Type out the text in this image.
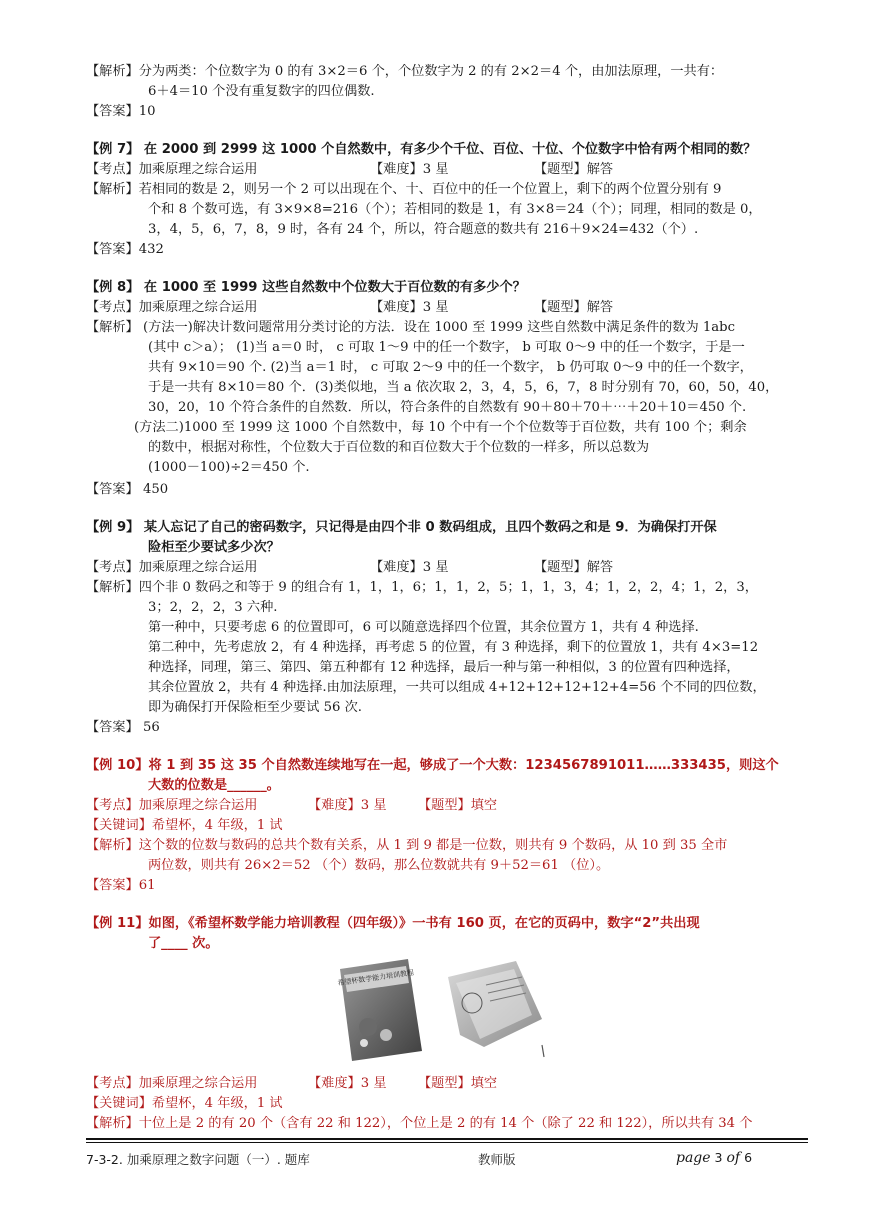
【解析】分为两类：个位数字为 0 的有 3×2＝6 个，个位数字为 2 的有 2×2＝4 个，由加法原理，一共有：
6＋4＝10 个没有重复数字的四位偶数.
【答案】10
【例 7】 在 2000 到 2999 这 1000 个自然数中，有多少个千位、百位、十位、个位数字中恰有两个相同的数？
【考点】加乘原理之综合运用	【难度】3 星	【题型】解答
【解析】若相同的数是 2，则另一个 2 可以出现在个、十、百位中的任一个位置上，剩下的两个位置分别有 9
个和 8 个数可选，有 3×9×8=216（个）；若相同的数是 1，有 3×8＝24（个）；同理，相同的数是 0，
3，4，5，6，7，8，9 时，各有 24 个，所以，符合题意的数共有 216＋9×24=432（个）.
【答案】432
【例 8】 在 1000 至 1999 这些自然数中个位数大于百位数的有多少个？
【考点】加乘原理之综合运用	【难度】3 星	【题型】解答
【解析】 (方法一)解决计数问题常用分类讨论的方法．设在 1000 至 1999 这些自然数中满足条件的数为 1abc
(其中 c＞a）； (1)当 a＝0 时， c 可取 1～9 中的任一个数字， b 可取 0～9 中的任一个数字，于是一
共有 9×10＝90 个. (2)当 a＝1 时， c 可取 2～9 中的任一个数字， b 仍可取 0～9 中的任一个数字，
于是一共有 8×10＝80 个．(3)类似地，当 a 依次取 2，3，4，5，6，7，8 时分别有 70，60，50，40，
30，20，10 个符合条件的自然数．所以，符合条件的自然数有 90＋80＋70＋⋯＋20＋10＝450 个.
(方法二)1000 至 1999 这 1000 个自然数中，每 10 个中有一个个位数等于百位数，共有 100 个；剩余
的数中，根据对称性，个位数大于百位数的和百位数大于个位数的一样多，所以总数为
(1000－100)÷2＝450 个.
【答案】 450
【例 9】 某人忘记了自己的密码数字，只记得是由四个非 0 数码组成，且四个数码之和是 9．为确保打开保
险柜至少要试多少次？
【考点】加乘原理之综合运用	【难度】3 星	【题型】解答
【解析】四个非 0 数码之和等于 9 的组合有 1，1，1，6；1，1，2，5；1，1，3，4；1，2，2，4；1，2，3，
3；2，2，2，3 六种.
第一种中，只要考虑 6 的位置即可，6 可以随意选择四个位置，其余位置方 1，共有 4 种选择.
第二种中，先考虑放 2，有 4 种选择，再考虑 5 的位置，有 3 种选择，剩下的位置放 1，共有 4×3=12
种选择，同理，第三、第四、第五种都有 12 种选择，最后一种与第一种相似，3 的位置有四种选择，
其余位置放 2，共有 4 种选择.由加法原理，一共可以组成 4+12+12+12+12+4=56 个不同的四位数，
即为确保打开保险柜至少要试 56 次.
【答案】 56
【例 10】将 1 到 35 这 35 个自然数连续地写在一起，够成了一个大数：1234567891011……333435，则这个
大数的位数是______。
【考点】加乘原理之综合运用	【难度】3 星 【题型】填空
【关键词】希望杯，4 年级，1 试
【解析】这个数的位数与数码的总共个数有关系，从 1 到 9 都是一位数，则共有 9 个数码，从 10 到 35 全市
两位数，则共有 26×2＝52 （个）数码，那么位数就共有 9＋52＝61 （位）。
【答案】61
【例 11】如图，《希望杯数学能力培训教程（四年级）》一书有 160 页，在它的页码中，数字“2”共出现
了____ 次。
【考点】加乘原理之综合运用	【难度】3 星 【题型】填空
【关键词】希望杯，4 年级，1 试
【解析】十位上是 2 的有 20 个（含有 22 和 122），个位上是 2 的有 14 个（除了 22 和 122），所以共有 34 个
希望杯数学能力培训教程
7-3-2. 加乘原理之数字问题（一）. 题库	教师版	page 3 of 6
